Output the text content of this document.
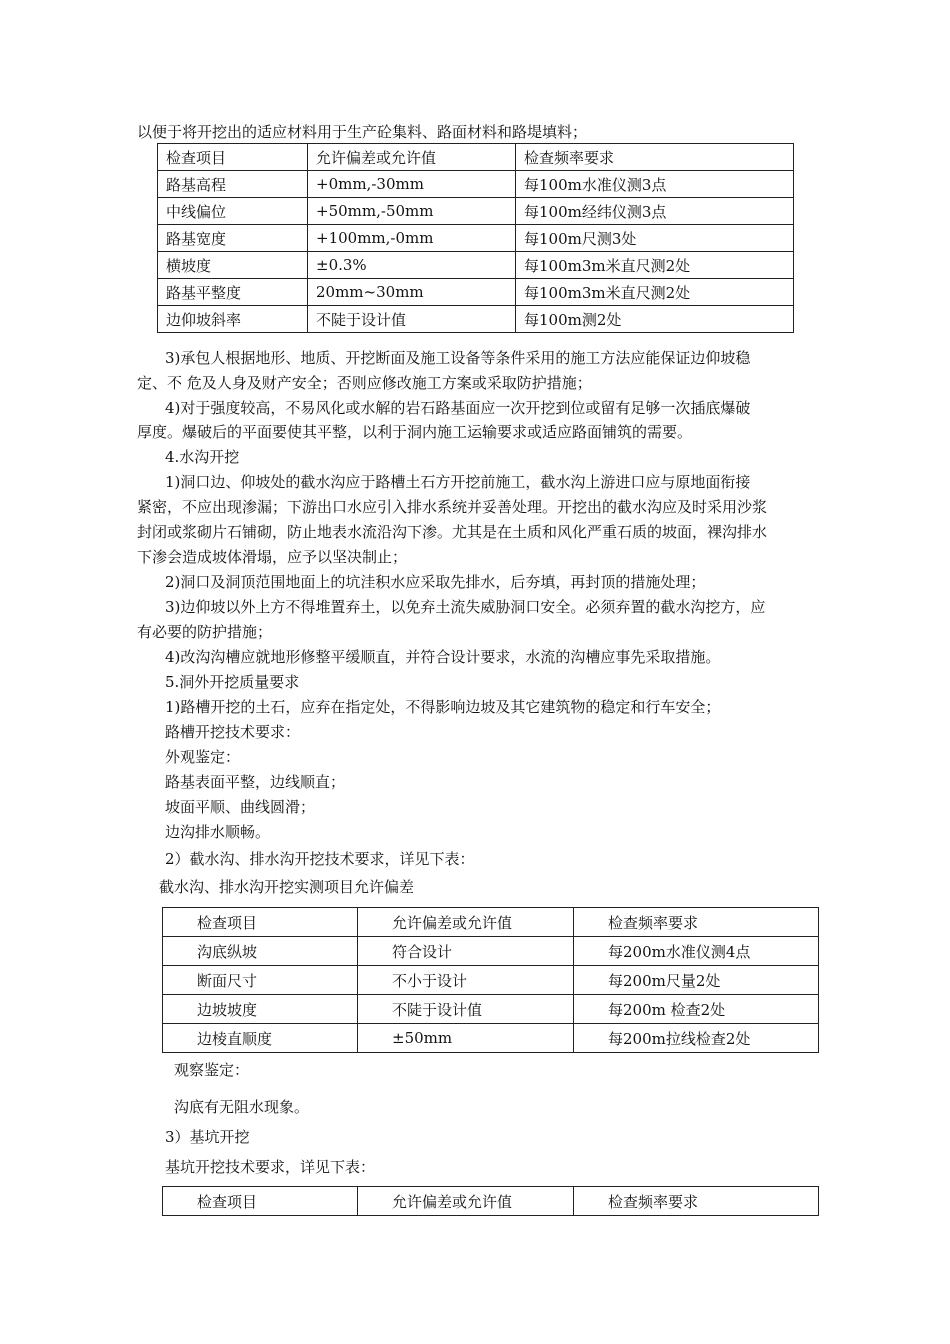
以便于将开挖出的适应材料用于生产砼集料、路面材料和路堤填料；
检查项目	允许偏差或允许值	检查频率要求
路基高程	+0mm,-30mm	每100m水准仪测3点
中线偏位	+50mm,-50mm	每100m经纬仪测3点
路基宽度	+100mm,-0mm	每100m尺测3处
横坡度	±0.3%	每100m3m米直尺测2处
路基平整度	20mm~30mm	每100m3m米直尺测2处
边仰坡斜率	不陡于设计值	每100m测2处
3)承包人根据地形、地质、开挖断面及施工设备等条件采用的施工方法应能保证边仰坡稳
定、不 危及人身及财产安全；否则应修改施工方案或采取防护措施；
4)对于强度较高，不易风化或水解的岩石路基面应一次开挖到位或留有足够一次插底爆破
厚度。爆破后的平面要使其平整，以利于洞内施工运输要求或适应路面铺筑的需要。
4.水沟开挖
1)洞口边、仰坡处的截水沟应于路槽土石方开挖前施工，截水沟上游进口应与原地面衔接
紧密，不应出现渗漏；下游出口水应引入排水系统并妥善处理。开挖出的截水沟应及时采用沙浆
封闭或浆砌片石铺砌，防止地表水流沿沟下渗。尤其是在土质和风化严重石质的坡面，裸沟排水
下渗会造成坡体滑塌，应予以坚决制止；
2)洞口及洞顶范围地面上的坑洼积水应采取先排水，后夯填，再封顶的措施处理；
3)边仰坡以外上方不得堆置弃土，以免弃土流失威胁洞口安全。必须弃置的截水沟挖方，应
有必要的防护措施；
4)改沟沟槽应就地形修整平缓顺直，并符合设计要求，水流的沟槽应事先采取措施。
5.洞外开挖质量要求
1)路槽开挖的土石，应弃在指定处，不得影响边坡及其它建筑物的稳定和行车安全；
路槽开挖技术要求：
外观鉴定：
路基表面平整，边线顺直；
坡面平顺、曲线圆滑；
边沟排水顺畅。
2）截水沟、排水沟开挖技术要求，详见下表：
截水沟、排水沟开挖实测项目允许偏差
检查项目	允许偏差或允许值	检查频率要求
沟底纵坡	符合设计	每200m水准仪测4点
断面尺寸	不小于设计	每200m尺量2处
边坡坡度	不陡于设计值	每200m 检查2处
边棱直顺度	±50mm	每200m拉线检查2处
观察鉴定：
沟底有无阻水现象。
3）基坑开挖
基坑开挖技术要求，详见下表：
检查项目	允许偏差或允许值	检查频率要求
